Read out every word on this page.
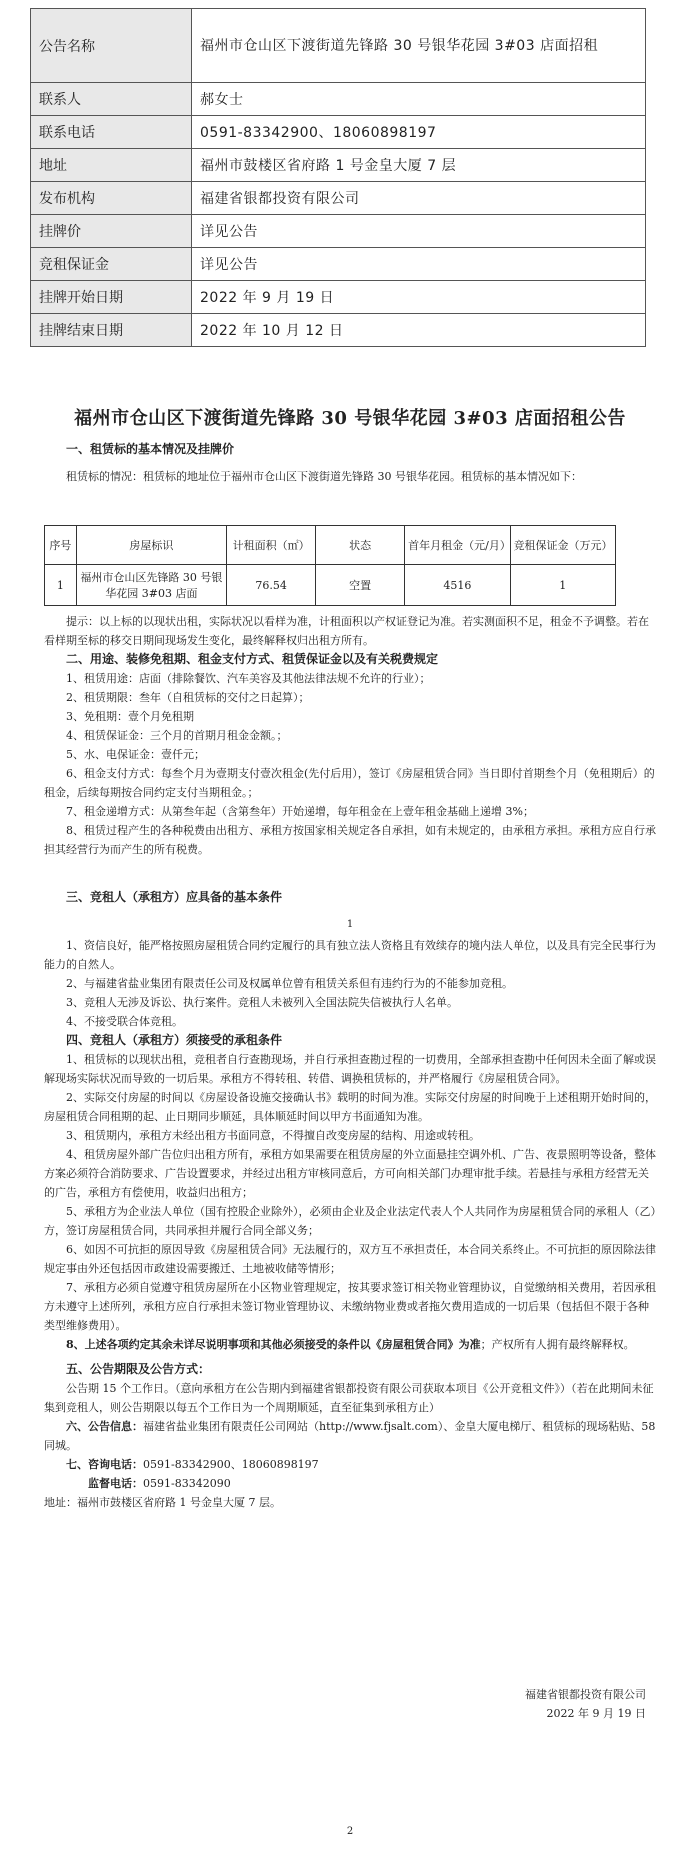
公告名称	福州市仓山区下渡街道先锋路 30 号银华花园 3#03 店面招租
联系人	郝女士
联系电话	0591-83342900、18060898197
地址	福州市鼓楼区省府路 1 号金皇大厦 7 层
发布机构	福建省银都投资有限公司
挂牌价	详见公告
竞租保证金	详见公告
挂牌开始日期	2022 年 9 月 19 日
挂牌结束日期	2022 年 10 月 12 日
福州市仓山区下渡街道先锋路 30 号银华花园 3#03 店面招租公告

一、租赁标的基本情况及挂牌价

租赁标的情况：租赁标的地址位于福州市仓山区下渡街道先锋路 30 号银华花园。租赁标的基本情况如下：

序号	房屋标识	计租面积（㎡）	状态	首年月租金（元/月）	竞租保证金（万元）
1	福州市仓山区先锋路 30 号银华花园 3#03 店面	76.54	空置	4516	1

提示：以上标的以现状出租，实际状况以看样为准，计租面积以产权证登记为准。若实测面积不足，租金不予调整。若在看样期至标的移交日期间现场发生变化，最终解释权归出租方所有。

二、用途、装修免租期、租金支付方式、租赁保证金以及有关税费规定

1、租赁用途：店面（排除餐饮、汽车美容及其他法律法规不允许的行业）；

2、租赁期限：叁年（自租赁标的交付之日起算）；

3、免租期：壹个月免租期

4、租赁保证金：三个月的首期月租金金额。；

5、水、电保证金：壹仟元；

6、租金支付方式：每叁个月为壹期支付壹次租金(先付后用），签订《房屋租赁合同》当日即付首期叁个月（免租期后）的租金，后续每期按合同约定支付当期租金。；

7、租金递增方式：从第叁年起（含第叁年）开始递增，每年租金在上壹年租金基础上递增 3%；

8、租赁过程产生的各种税费由出租方、承租方按国家相关规定各自承担，如有未规定的，由承租方承担。承租方应自行承担其经营行为而产生的所有税费。

三、竞租人（承租方）应具备的基本条件

1

1、资信良好，能严格按照房屋租赁合同约定履行的具有独立法人资格且有效续存的境内法人单位，以及具有完全民事行为能力的自然人。

2、与福建省盐业集团有限责任公司及权属单位曾有租赁关系但有违约行为的不能参加竞租。

3、竞租人无涉及诉讼、执行案件。竞租人未被列入全国法院失信被执行人名单。

4、不接受联合体竞租。

四、竞租人（承租方）须接受的承租条件

1、租赁标的以现状出租，竞租者自行查勘现场，并自行承担查勘过程的一切费用，全部承担查勘中任何因未全面了解或误解现场实际状况而导致的一切后果。承租方不得转租、转借、调换租赁标的，并严格履行《房屋租赁合同》。

2、实际交付房屋的时间以《房屋设备设施交接确认书》载明的时间为准。实际交付房屋的时间晚于上述租期开始时间的，房屋租赁合同租期的起、止日期同步顺延，具体顺延时间以甲方书面通知为准。

3、租赁期内，承租方未经出租方书面同意，不得擅自改变房屋的结构、用途或转租。

4、租赁房屋外部广告位归出租方所有，承租方如果需要在租赁房屋的外立面悬挂空调外机、广告、夜景照明等设备，整体方案必须符合消防要求、广告设置要求，并经过出租方审核同意后，方可向相关部门办理审批手续。若悬挂与承租方经营无关的广告，承租方有偿使用，收益归出租方；

5、承租方为企业法人单位（国有控股企业除外），必须由企业及企业法定代表人个人共同作为房屋租赁合同的承租人（乙）方，签订房屋租赁合同，共同承担并履行合同全部义务；

6、如因不可抗拒的原因导致《房屋租赁合同》无法履行的，双方互不承担责任，本合同关系终止。不可抗拒的原因除法律规定事由外还包括因市政建设需要搬迁、土地被收储等情形；

7、承租方必须自觉遵守租赁房屋所在小区物业管理规定，按其要求签订相关物业管理协议，自觉缴纳相关费用，若因承租方未遵守上述所列，承租方应自行承担未签订物业管理协议、未缴纳物业费或者拖欠费用造成的一切后果（包括但不限于各种类型维修费用）。

8、上述各项约定其余未详尽说明事项和其他必须接受的条件以《房屋租赁合同》为准；产权所有人拥有最终解释权。

五、公告期限及公告方式：

公告期 15 个工作日。（意向承租方在公告期内到福建省银都投资有限公司获取本项目《公开竞租文件》）（若在此期间未征集到竞租人，则公告期限以每五个工作日为一个周期顺延，直至征集到承租方止）

六、公告信息：福建省盐业集团有限责任公司网站（http://www.fjsalt.com）、金皇大厦电梯厅、租赁标的现场粘贴、58 同城。

七、咨询电话：0591-83342900、18060898197

监督电话：0591-83342090

地址：福州市鼓楼区省府路 1 号金皇大厦 7 层。

福建省银都投资有限公司

2022 年 9 月 19 日

2
